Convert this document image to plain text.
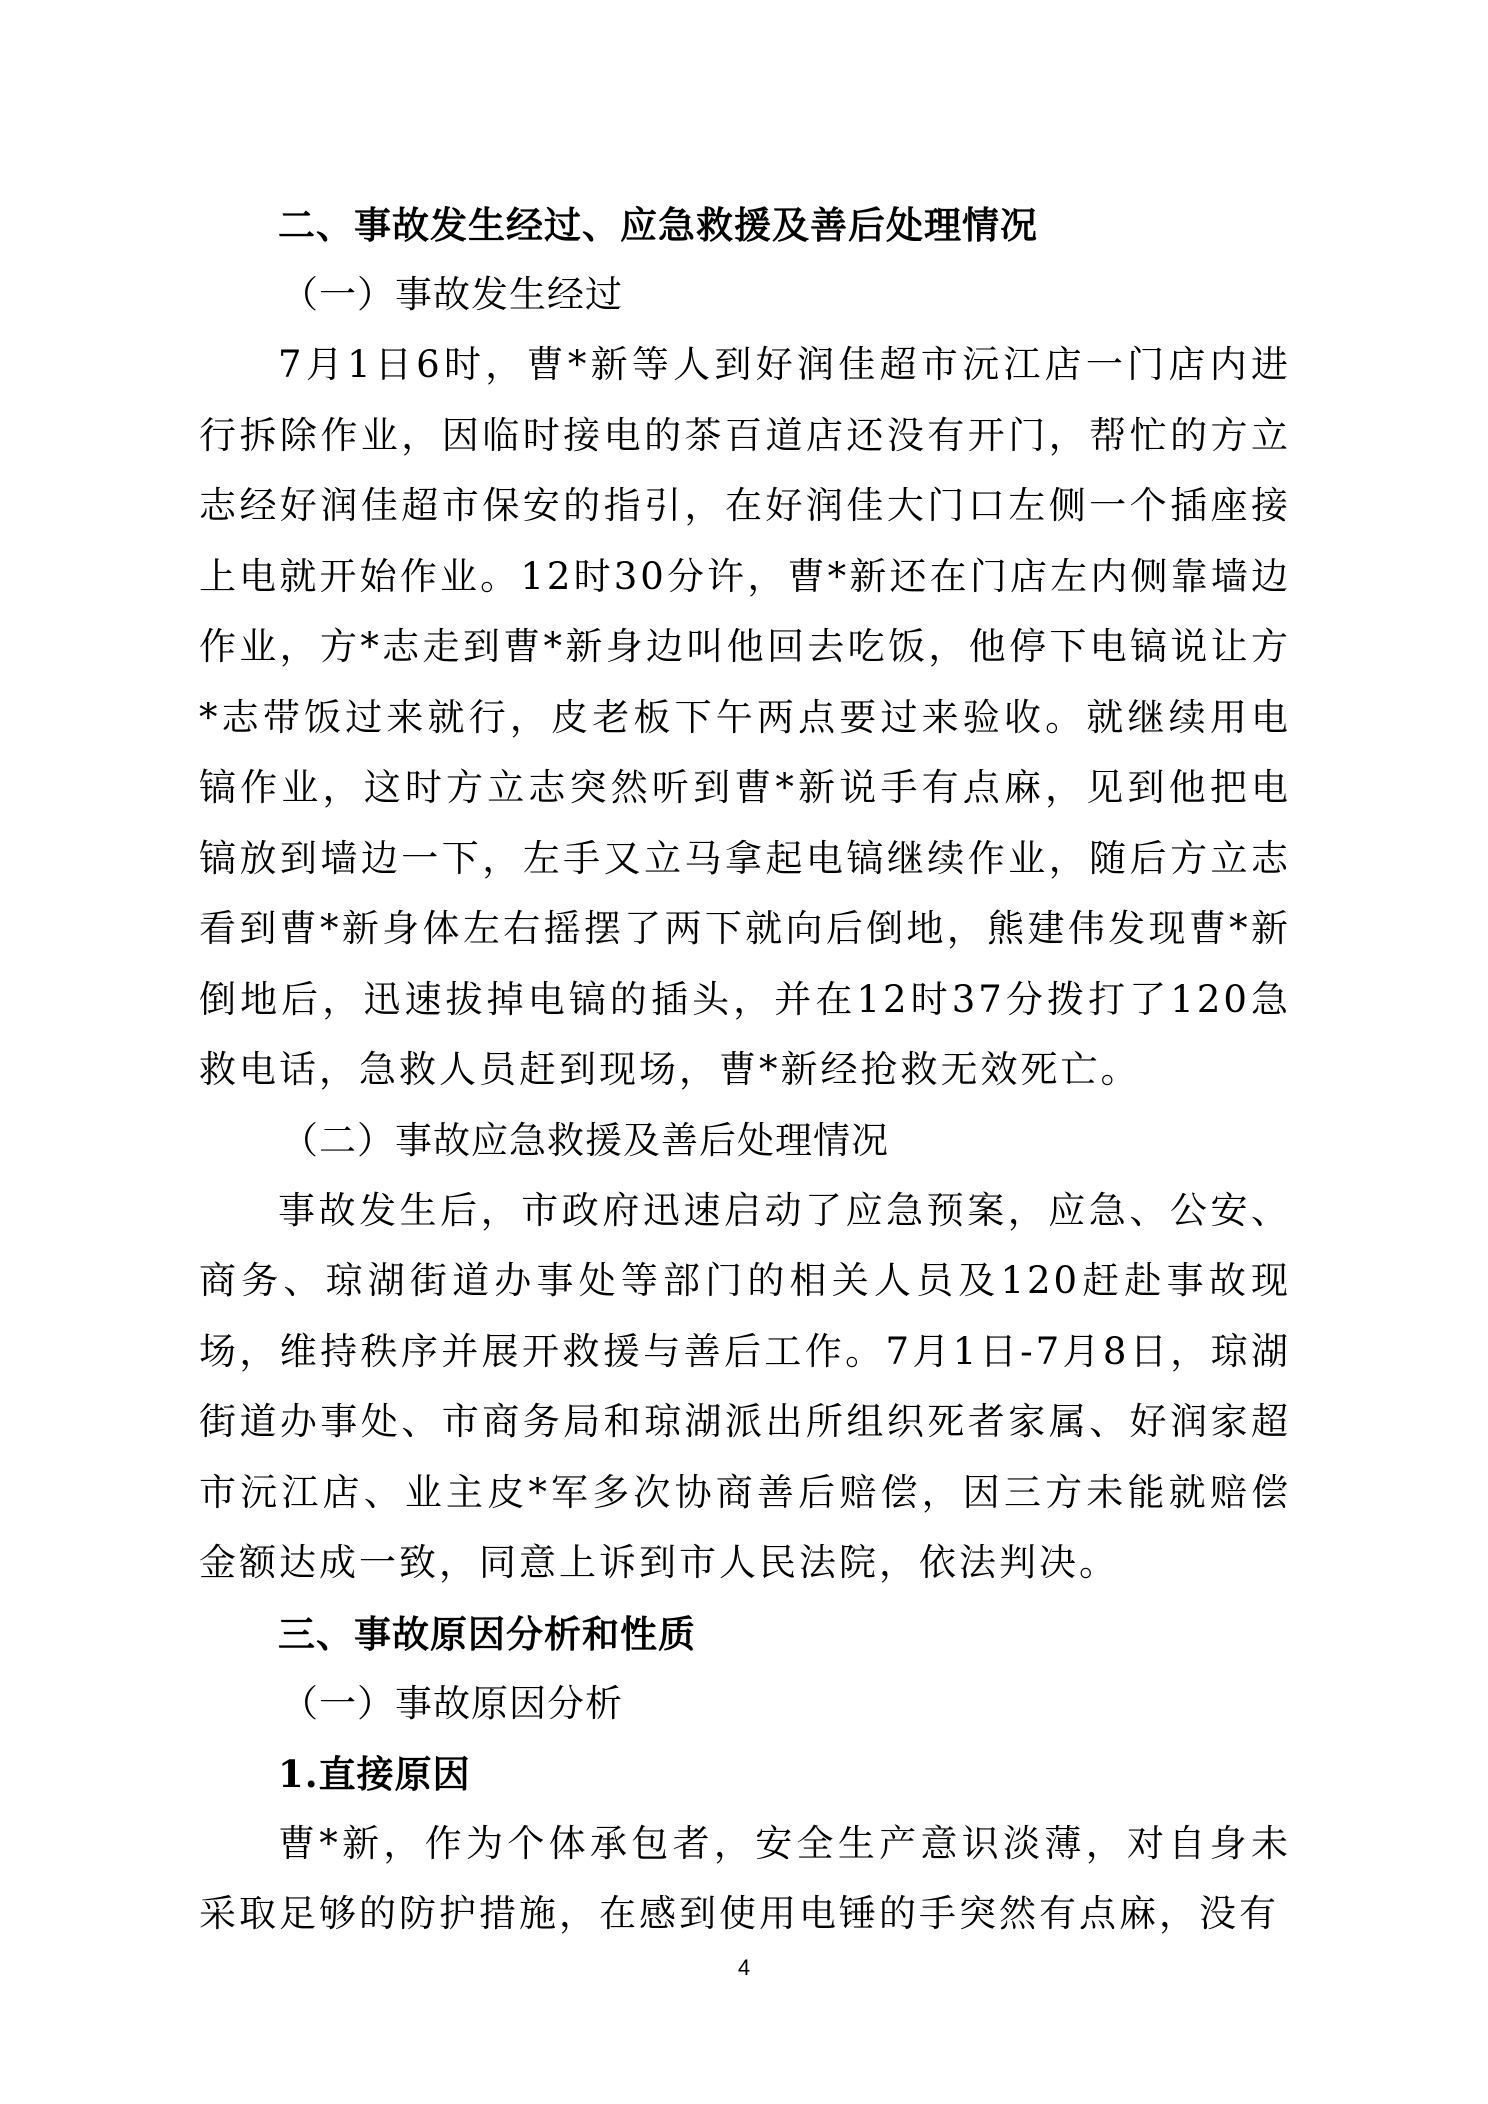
二、事故发生经过、应急救援及善后处理情况
（一）事故发生经过

7月1日6时，曹*新等人到好润佳超市沅江店一门店内进行拆除作业，因临时接电的茶百道店还没有开门，帮忙的方立志经好润佳超市保安的指引，在好润佳大门口左侧一个插座接上电就开始作业。12时30分许，曹*新还在门店左内侧靠墙边作业，方*志走到曹*新身边叫他回去吃饭，他停下电镐说让方*志带饭过来就行，皮老板下午两点要过来验收。就继续用电镐作业，这时方立志突然听到曹*新说手有点麻，见到他把电镐放到墙边一下，左手又立马拿起电镐继续作业，随后方立志看到曹*新身体左右摇摆了两下就向后倒地，熊建伟发现曹*新倒地后，迅速拔掉电镐的插头，并在12时37分拨打了120急救电话，急救人员赶到现场，曹*新经抢救无效死亡。

（二）事故应急救援及善后处理情况

事故发生后，市政府迅速启动了应急预案，应急、公安、商务、琼湖街道办事处等部门的相关人员及120赶赴事故现场，维持秩序并展开救援与善后工作。7月1日-7月8日，琼湖街道办事处、市商务局和琼湖派出所组织死者家属、好润家超市沅江店、业主皮*军多次协商善后赔偿，因三方未能就赔偿金额达成一致，同意上诉到市人民法院，依法判决。

三、事故原因分析和性质
（一）事故原因分析
1.直接原因

曹*新，作为个体承包者，安全生产意识淡薄，对自身未采取足够的防护措施，在感到使用电锤的手突然有点麻，没有

4
